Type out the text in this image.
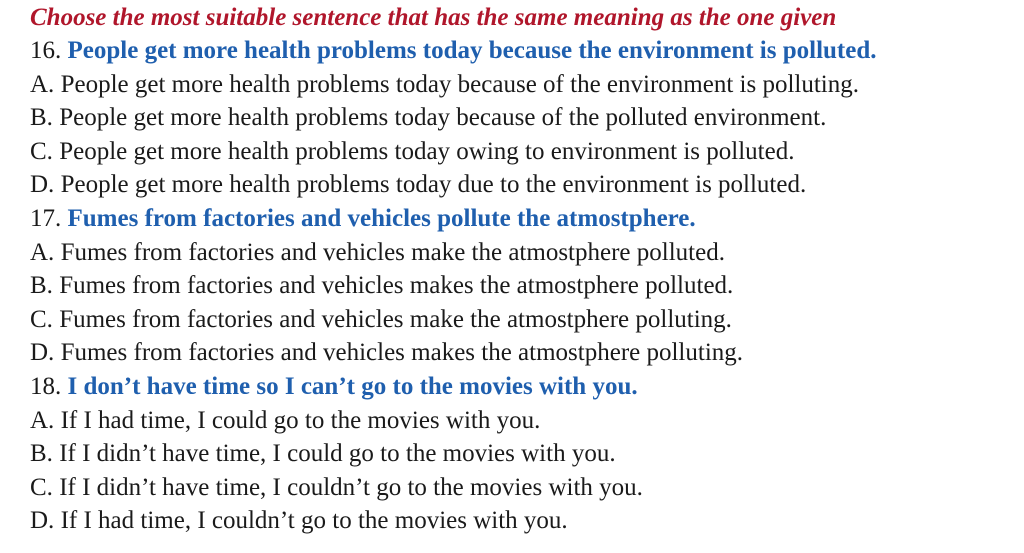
Choose the most suitable sentence that has the same meaning as the one given
16. People get more health problems today because the environment is polluted.
A. People get more health problems today because of the environment is polluting.
B. People get more health problems today because of the polluted environment.
C. People get more health problems today owing to environment is polluted.
D. People get more health problems today due to the environment is polluted.
17. Fumes from factories and vehicles pollute the atmostphere.
A. Fumes from factories and vehicles make the atmostphere polluted.
B. Fumes from factories and vehicles makes the atmostphere polluted.
C. Fumes from factories and vehicles make the atmostphere polluting.
D. Fumes from factories and vehicles makes the atmostphere polluting.
18. I don’t have time so I can’t go to the movies with you.
A. If I had time, I could go to the movies with you.
B. If I didn’t have time, I could go to the movies with you.
C. If I didn’t have time, I couldn’t go to the movies with you.
D. If I had time, I couldn’t go to the movies with you.
